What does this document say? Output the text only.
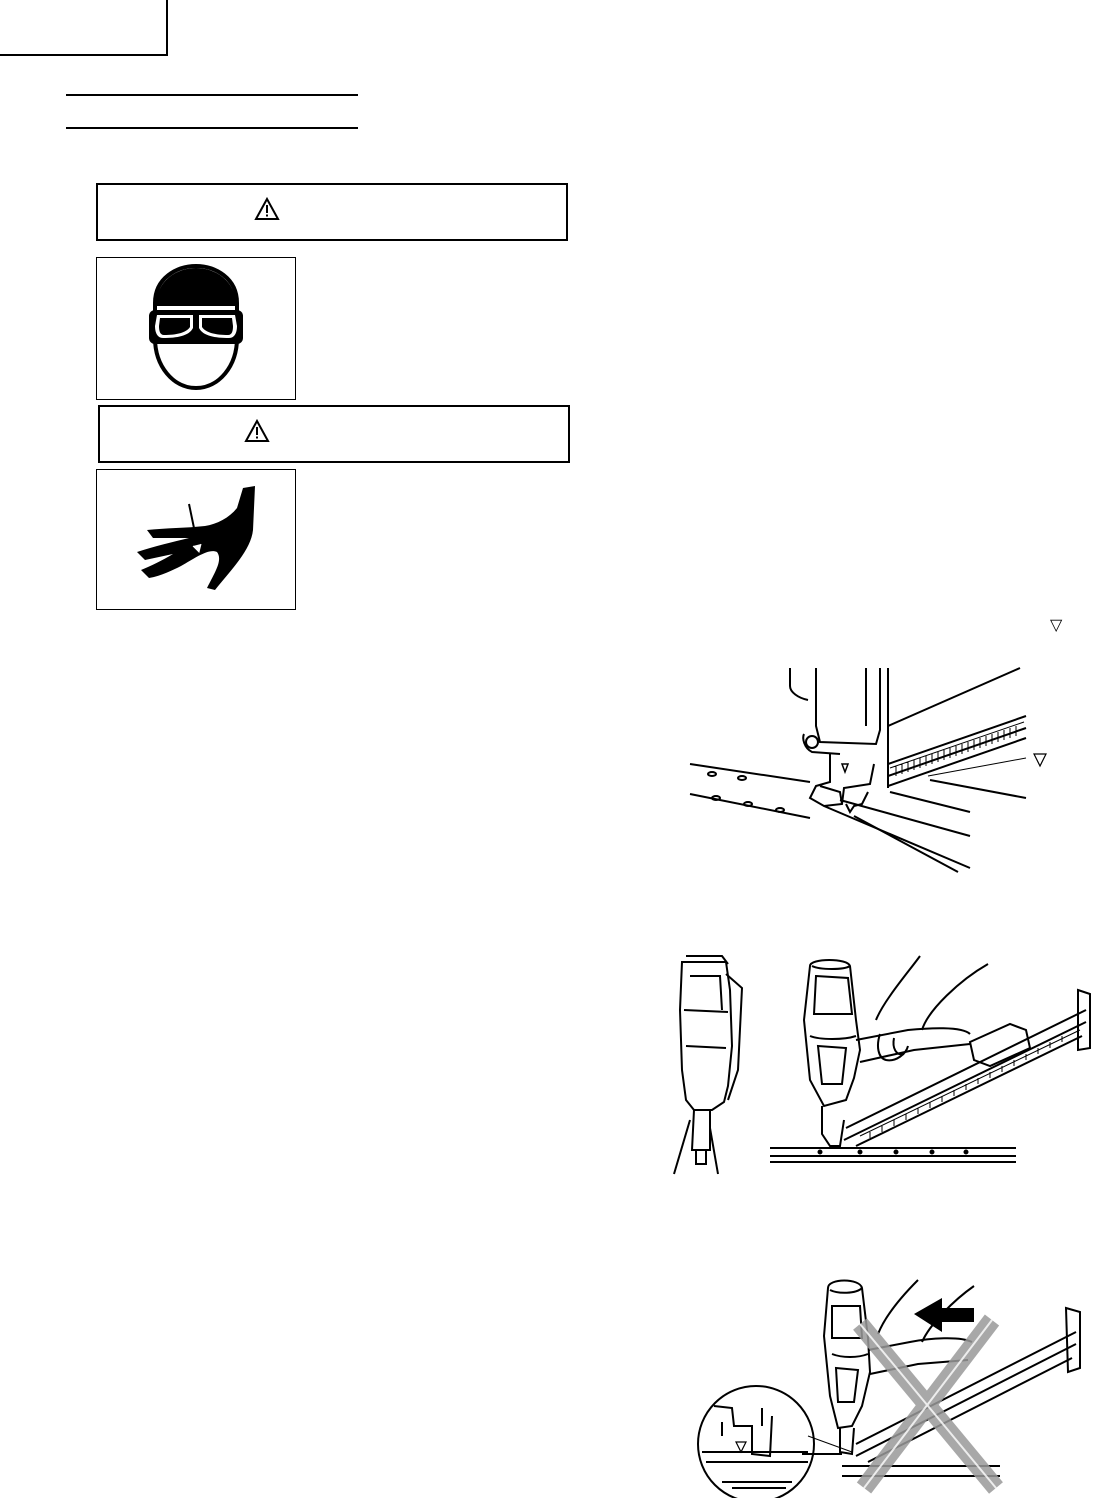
▽
